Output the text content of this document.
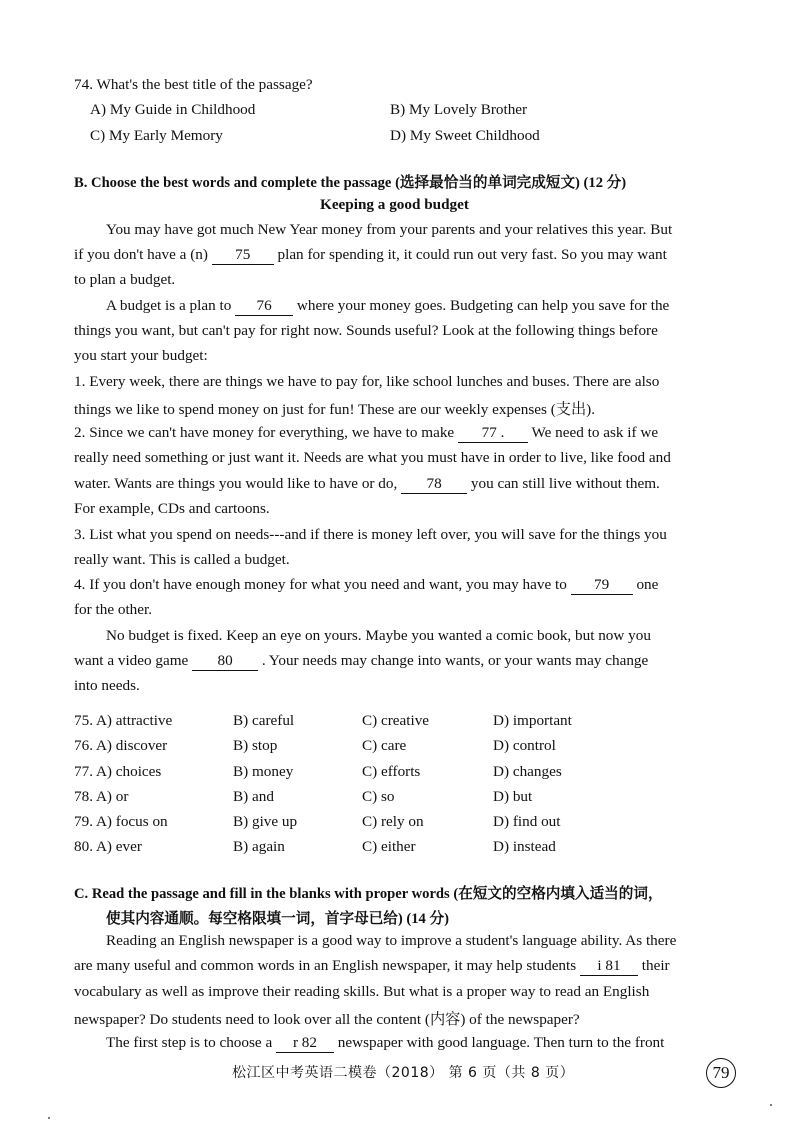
74. What's the best title of the passage?
A) My Guide in Childhood	B) My Lovely Brother
C) My Early Memory	D) My Sweet Childhood
B. Choose the best words and complete the passage (选择最恰当的单词完成短文) (12 分)
Keeping a good budget
You may have got much New Year money from your parents and your relatives this year. But
if you don't have a (n) 75 plan for spending it, it could run out very fast. So you may want
to plan a budget.
A budget is a plan to 76 where your money goes. Budgeting can help you save for the
things you want, but can't pay for right now. Sounds useful? Look at the following things before
you start your budget:
1. Every week, there are things we have to pay for, like school lunches and buses. There are also
things we like to spend money on just for fun! These are our weekly expenses (支出).
2. Since we can't have money for everything, we have to make 77 . We need to ask if we
really need something or just want it. Needs are what you must have in order to live, like food and
water. Wants are things you would like to have or do, 78 you can still live without them.
For example, CDs and cartoons.
3. List what you spend on needs---and if there is money left over, you will save for the things you
really want. This is called a budget.
4. If you don't have enough money for what you need and want, you may have to 79 one
for the other.
No budget is fixed. Keep an eye on yours. Maybe you wanted a comic book, but now you
want a video game 80 . Your needs may change into wants, or your wants may change
into needs.
75. A) attractive	B) careful	C) creative	D) important
76. A) discover	B) stop	C) care	D) control
77. A) choices	B) money	C) efforts	D) changes
78. A) or	B) and	C) so	D) but
79. A) focus on	B) give up	C) rely on	D) find out
80. A) ever	B) again	C) either	D) instead
C. Read the passage and fill in the blanks with proper words (在短文的空格内填入适当的词，
使其内容通顺。每空格限填一词，首字母已给) (14 分)
Reading an English newspaper is a good way to improve a student's language ability. As there
are many useful and common words in an English newspaper, it may help students i 81 their
vocabulary as well as improve their reading skills. But what is a proper way to read an English
newspaper? Do students need to look over all the content (内容) of the newspaper?
The first step is to choose a r 82 newspaper with good language. Then turn to the front
松江区中考英语二模卷（2018） 第 6 页（共 8 页）	79
